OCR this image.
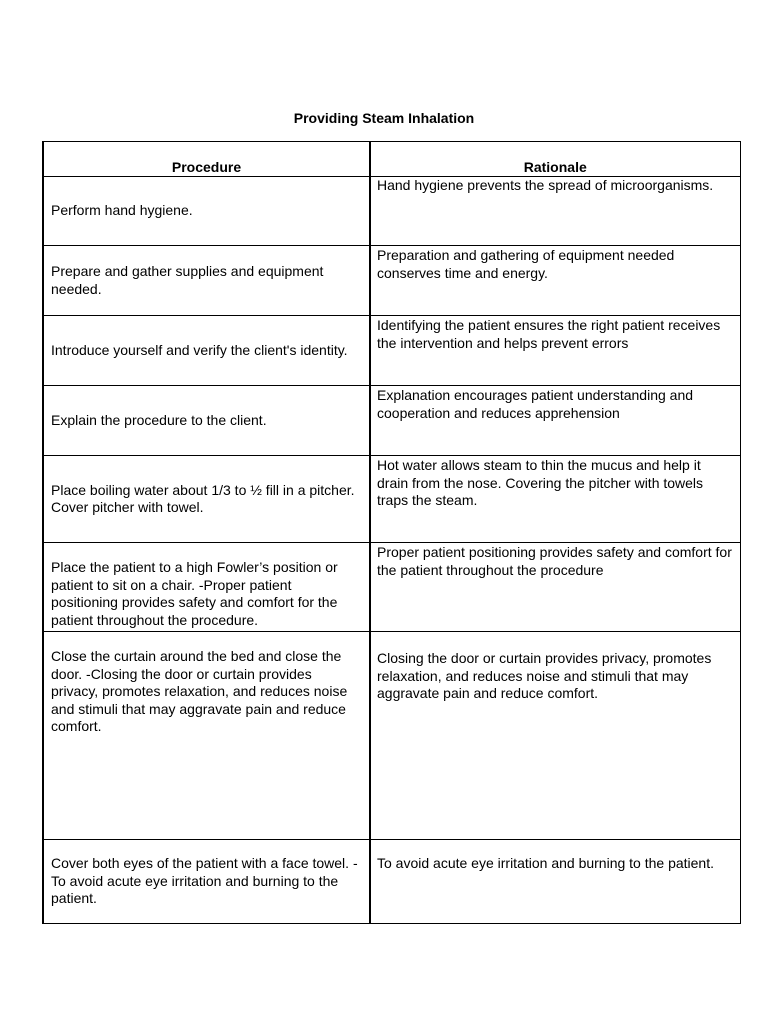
Providing Steam Inhalation
Procedure	Rationale

Perform hand hygiene.	Hand hygiene prevents the spread of microorganisms.

Prepare and gather supplies and equipment needed.	Preparation and gathering of equipment needed conserves time and energy.

Introduce yourself and verify the client's identity.	Identifying the patient ensures the right patient receives the intervention and helps prevent errors

Explain the procedure to the client.	Explanation encourages patient understanding and cooperation and reduces apprehension

Place boiling water about 1/3 to ½ fill in a pitcher. Cover pitcher with towel.	Hot water allows steam to thin the mucus and help it drain from the nose. Covering the pitcher with towels traps the steam.

Place the patient to a high Fowler’s position or patient to sit on a chair. -Proper patient positioning provides safety and comfort for the patient throughout the procedure.	Proper patient positioning provides safety and comfort for the patient throughout the procedure

Close the curtain around the bed and close the door. -Closing the door or curtain provides privacy, promotes relaxation, and reduces noise and stimuli that may aggravate pain and reduce comfort.	Closing the door or curtain provides privacy, promotes
relaxation, and reduces noise and stimuli that may aggravate pain and reduce comfort.

Cover both eyes of the patient with a face towel. -To avoid acute eye irritation and burning to the patient.	To avoid acute eye irritation and burning to the patient.
